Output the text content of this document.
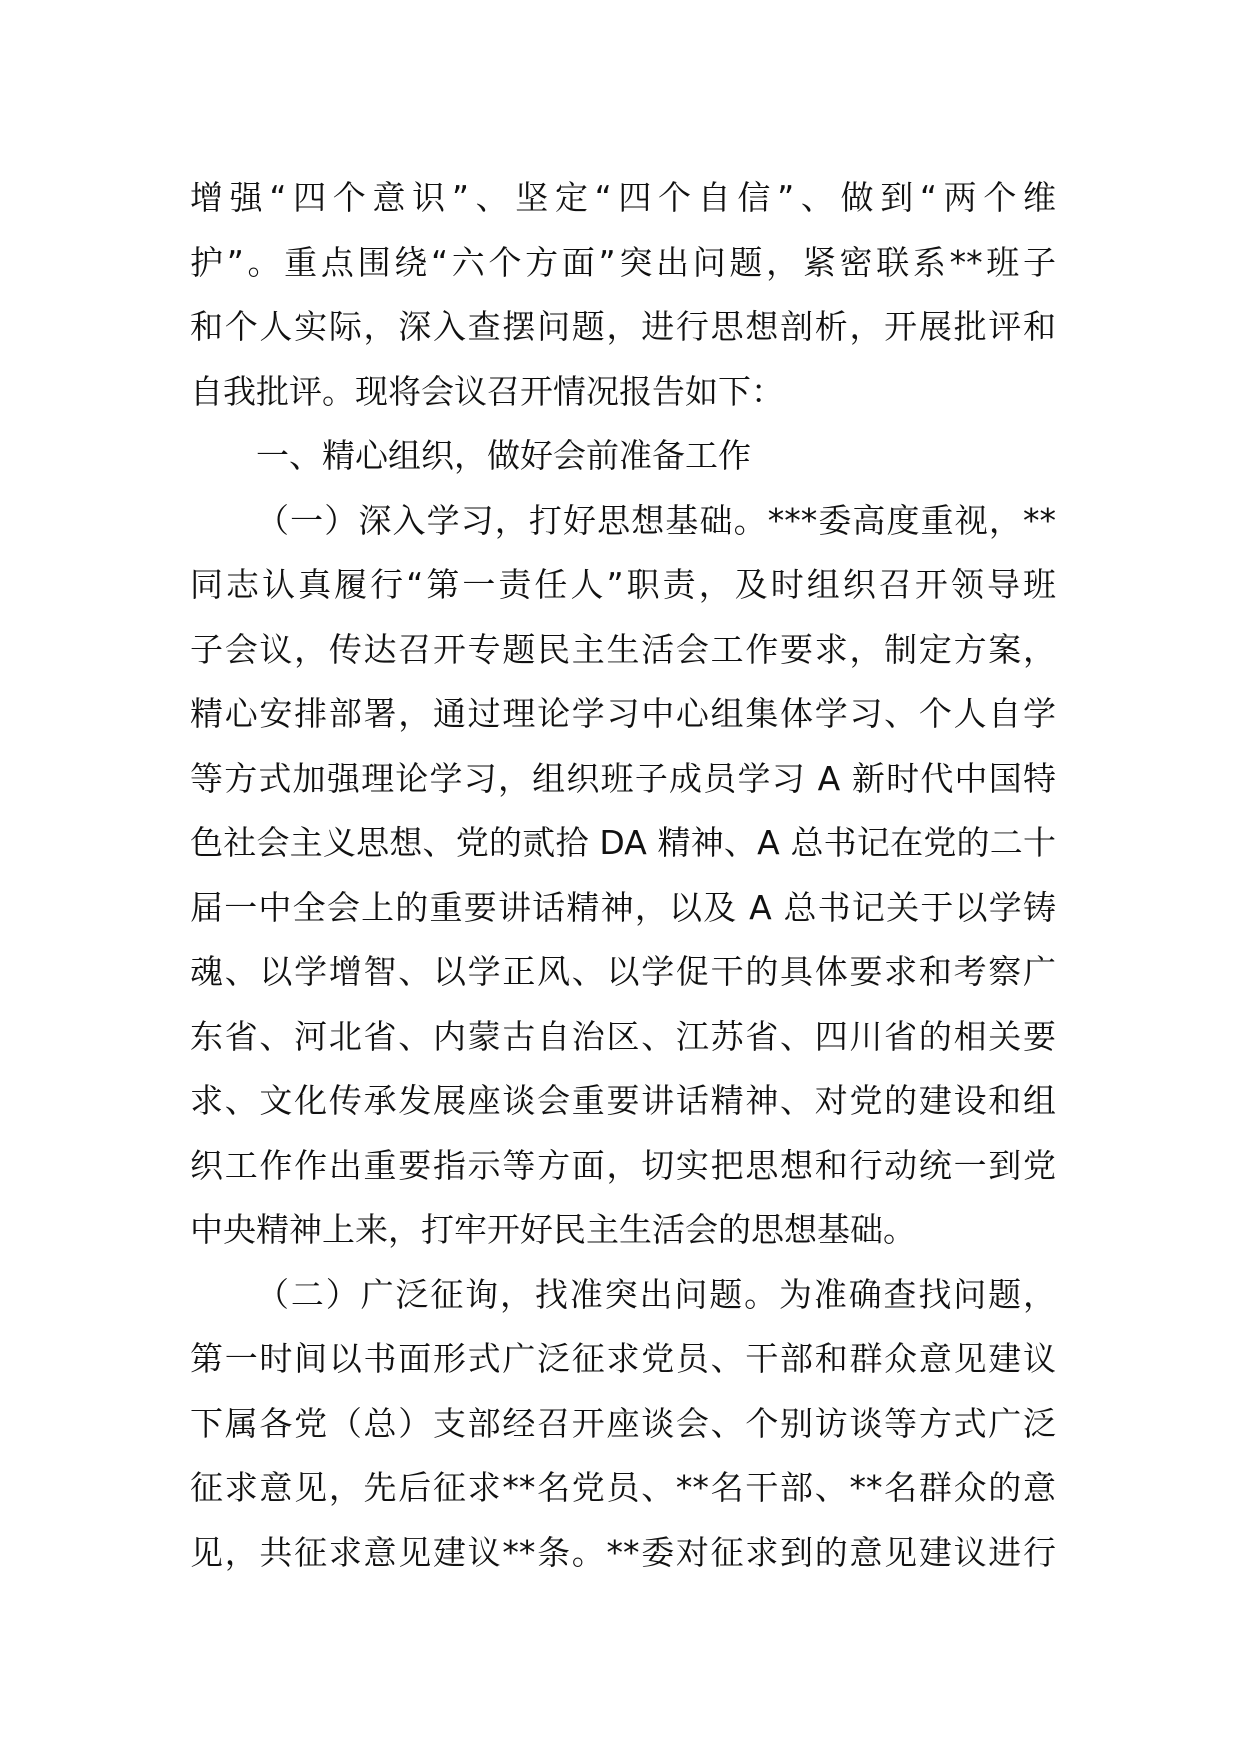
增强“四个意识”、坚定“四个自信”、做到“两个维
护”。重点围绕“六个方面”突出问题，紧密联系**班子
和个人实际，深入查摆问题，进行思想剖析，开展批评和
自我批评。现将会议召开情况报告如下：
一、精心组织，做好会前准备工作
（一）深入学习，打好思想基础。***委高度重视，**
同志认真履行“第一责任人”职责，及时组织召开领导班
子会议，传达召开专题民主生活会工作要求，制定方案，
精心安排部署，通过理论学习中心组集体学习、个人自学
等方式加强理论学习，组织班子成员学习 A 新时代中国特
色社会主义思想、党的贰拾 DA 精神、A 总书记在党的二十
届一中全会上的重要讲话精神，以及 A 总书记关于以学铸
魂、以学增智、以学正风、以学促干的具体要求和考察广
东省、河北省、内蒙古自治区、江苏省、四川省的相关要
求、文化传承发展座谈会重要讲话精神、对党的建设和组
织工作作出重要指示等方面，切实把思想和行动统一到党
中央精神上来，打牢开好民主生活会的思想基础。
（二）广泛征询，找准突出问题。为准确查找问题，
第一时间以书面形式广泛征求党员、干部和群众意见建议
下属各党（总）支部经召开座谈会、个别访谈等方式广泛
征求意见，先后征求**名党员、**名干部、**名群众的意
见，共征求意见建议**条。**委对征求到的意见建议进行
